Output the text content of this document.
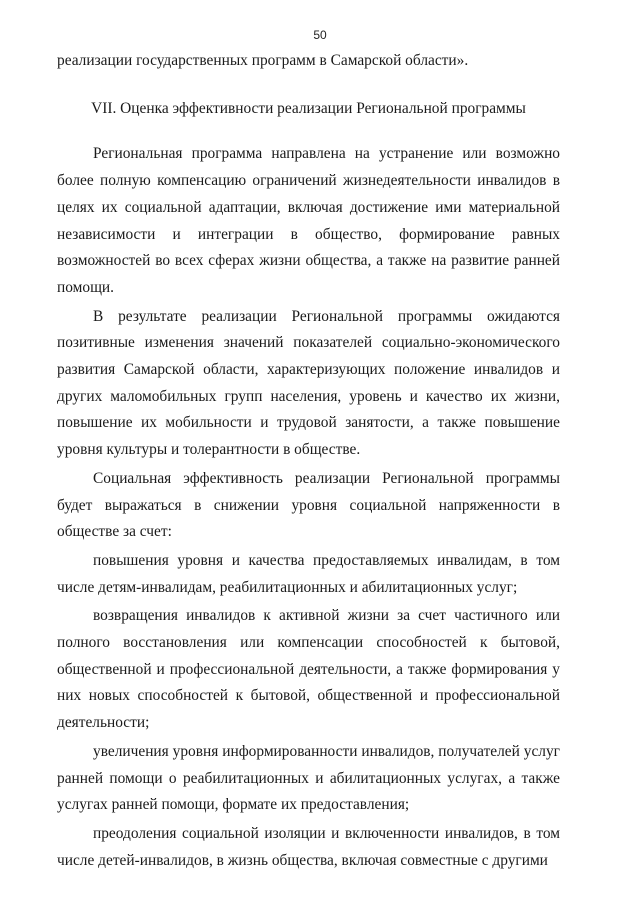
50

реализации государственных программ в Самарской области».

VII. Оценка эффективности реализации Региональной программы

Региональная программа направлена на устранение или возможно более полную компенсацию ограничений жизнедеятельности инвалидов в целях их социальной адаптации, включая достижение ими материальной независимости и интеграции в общество, формирование равных возможностей во всех сферах жизни общества, а также на развитие ранней помощи.

В результате реализации Региональной программы ожидаются позитивные изменения значений показателей социально-экономического развития Самарской области, характеризующих положение инвалидов и других маломобильных групп населения, уровень и качество их жизни, повышение их мобильности и трудовой занятости, а также повышение уровня культуры и толерантности в обществе.

Социальная эффективность реализации Региональной программы будет выражаться в снижении уровня социальной напряженности в обществе за счет:

повышения уровня и качества предоставляемых инвалидам, в том числе детям-инвалидам, реабилитационных и абилитационных услуг;

возвращения инвалидов к активной жизни за счет частичного или полного восстановления или компенсации способностей к бытовой, общественной и профессиональной деятельности, а также формирования у них новых способностей к бытовой, общественной и профессиональной деятельности;

увеличения уровня информированности инвалидов, получателей услуг ранней помощи о реабилитационных и абилитационных услугах, а также услугах ранней помощи, формате их предоставления;

преодоления социальной изоляции и включенности инвалидов, в том числе детей-инвалидов, в жизнь общества, включая совместные с другими
